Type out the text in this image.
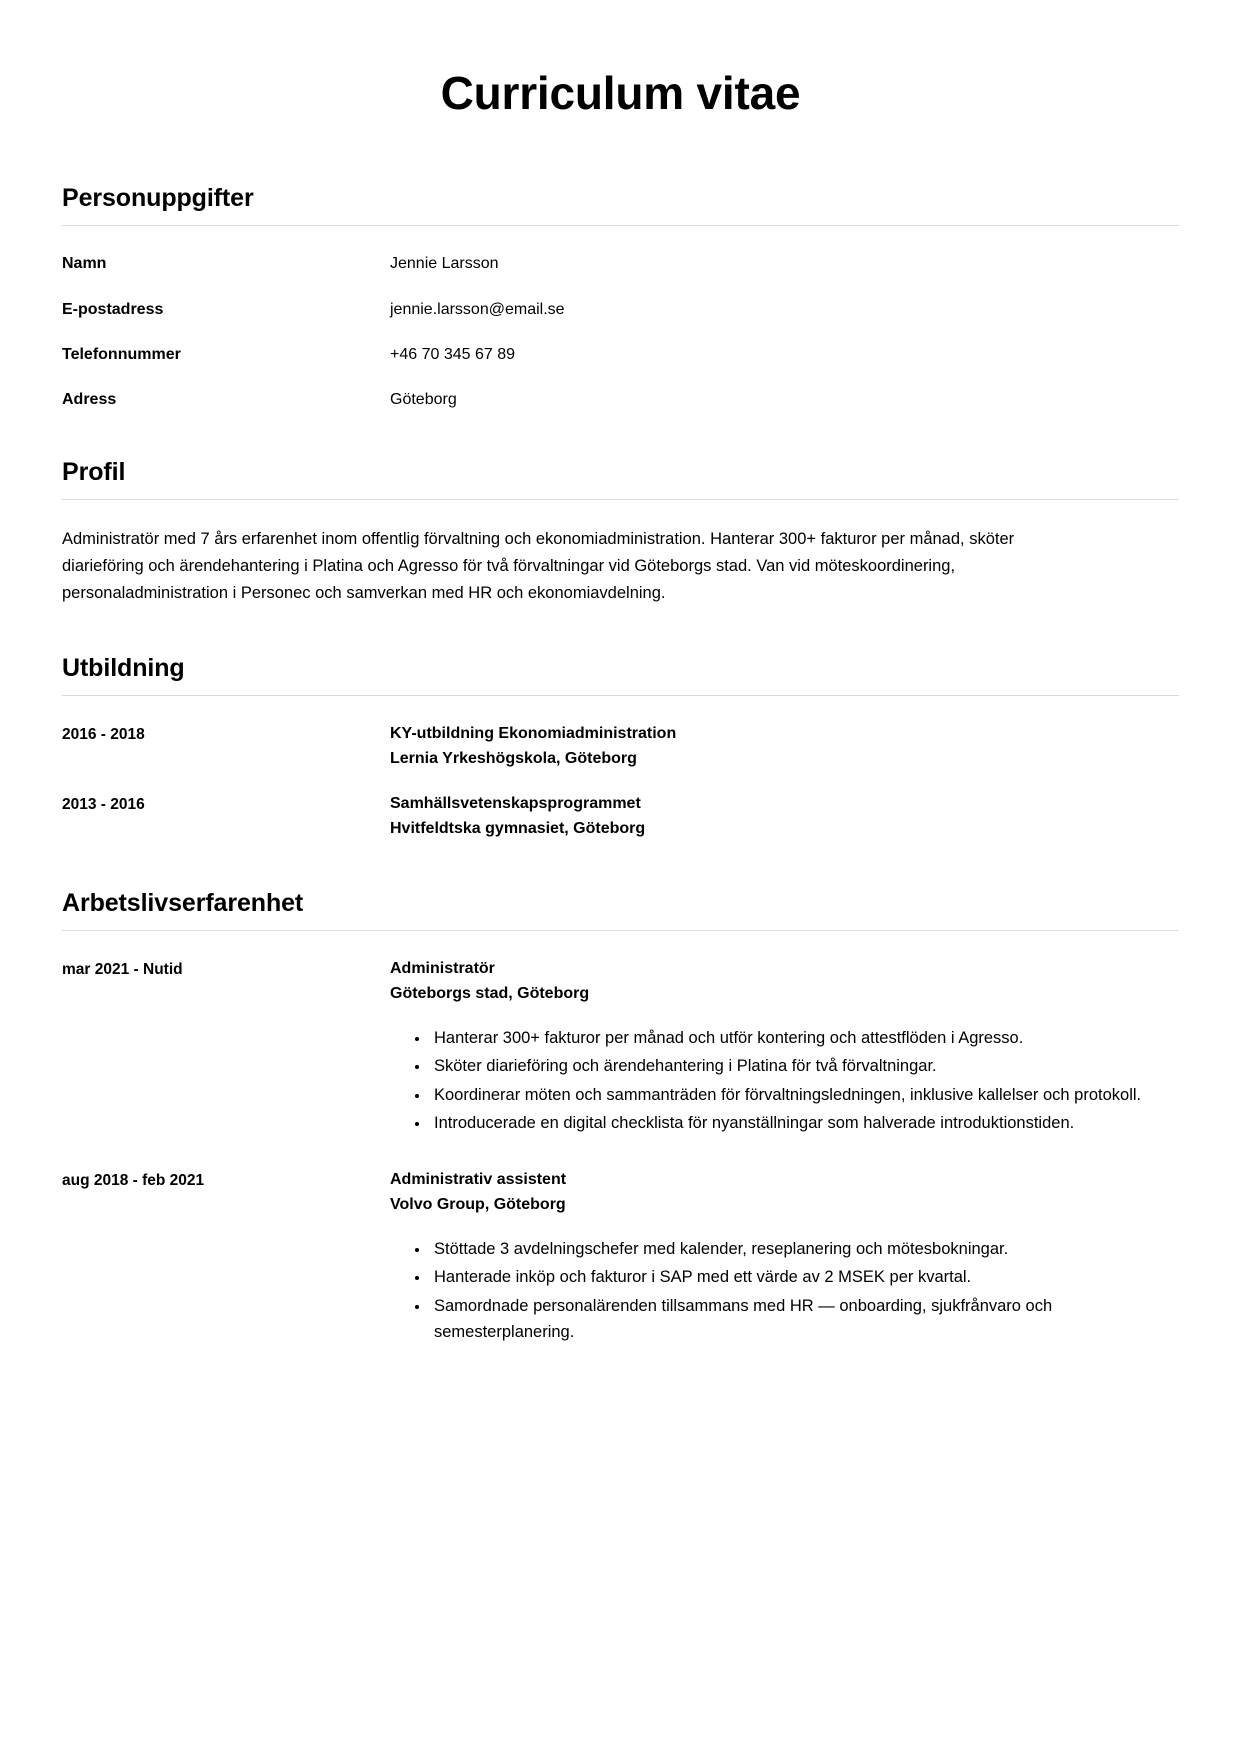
Curriculum vitae
Personuppgifter
Namn	Jennie Larsson
E-postadress	jennie.larsson@email.se
Telefonnummer	+46 70 345 67 89
Adress	Göteborg
Profil

Administratör med 7 års erfarenhet inom offentlig förvaltning och ekonomiadministration. Hanterar 300+ fakturor per månad, sköter diarieföring och ärendehantering i Platina och Agresso för två förvaltningar vid Göteborgs stad. Van vid möteskoordinering, personaladministration i Personec och samverkan med HR och ekonomiavdelning.

Utbildning
2016 - 2018	KY-utbildning Ekonomiadministration
Lernia Yrkeshögskola, Göteborg
2013 - 2016	Samhällsvetenskapsprogrammet
Hvitfeldtska gymnasiet, Göteborg
Arbetslivserfarenhet
mar 2021 - Nutid	Administratör
Göteborgs stad, Göteborg
• Hanterar 300+ fakturor per månad och utför kontering och attestflöden i Agresso.
• Sköter diarieföring och ärendehantering i Platina för två förvaltningar.
• Koordinerar möten och sammanträden för förvaltningsledningen, inklusive kallelser och protokoll.
• Introducerade en digital checklista för nyanställningar som halverade introduktionstiden.
aug 2018 - feb 2021	Administrativ assistent
Volvo Group, Göteborg
• Stöttade 3 avdelningschefer med kalender, reseplanering och mötesbokningar.
• Hanterade inköp och fakturor i SAP med ett värde av 2 MSEK per kvartal.
• Samordnade personalärenden tillsammans med HR — onboarding, sjukfrånvaro och semesterplanering.
